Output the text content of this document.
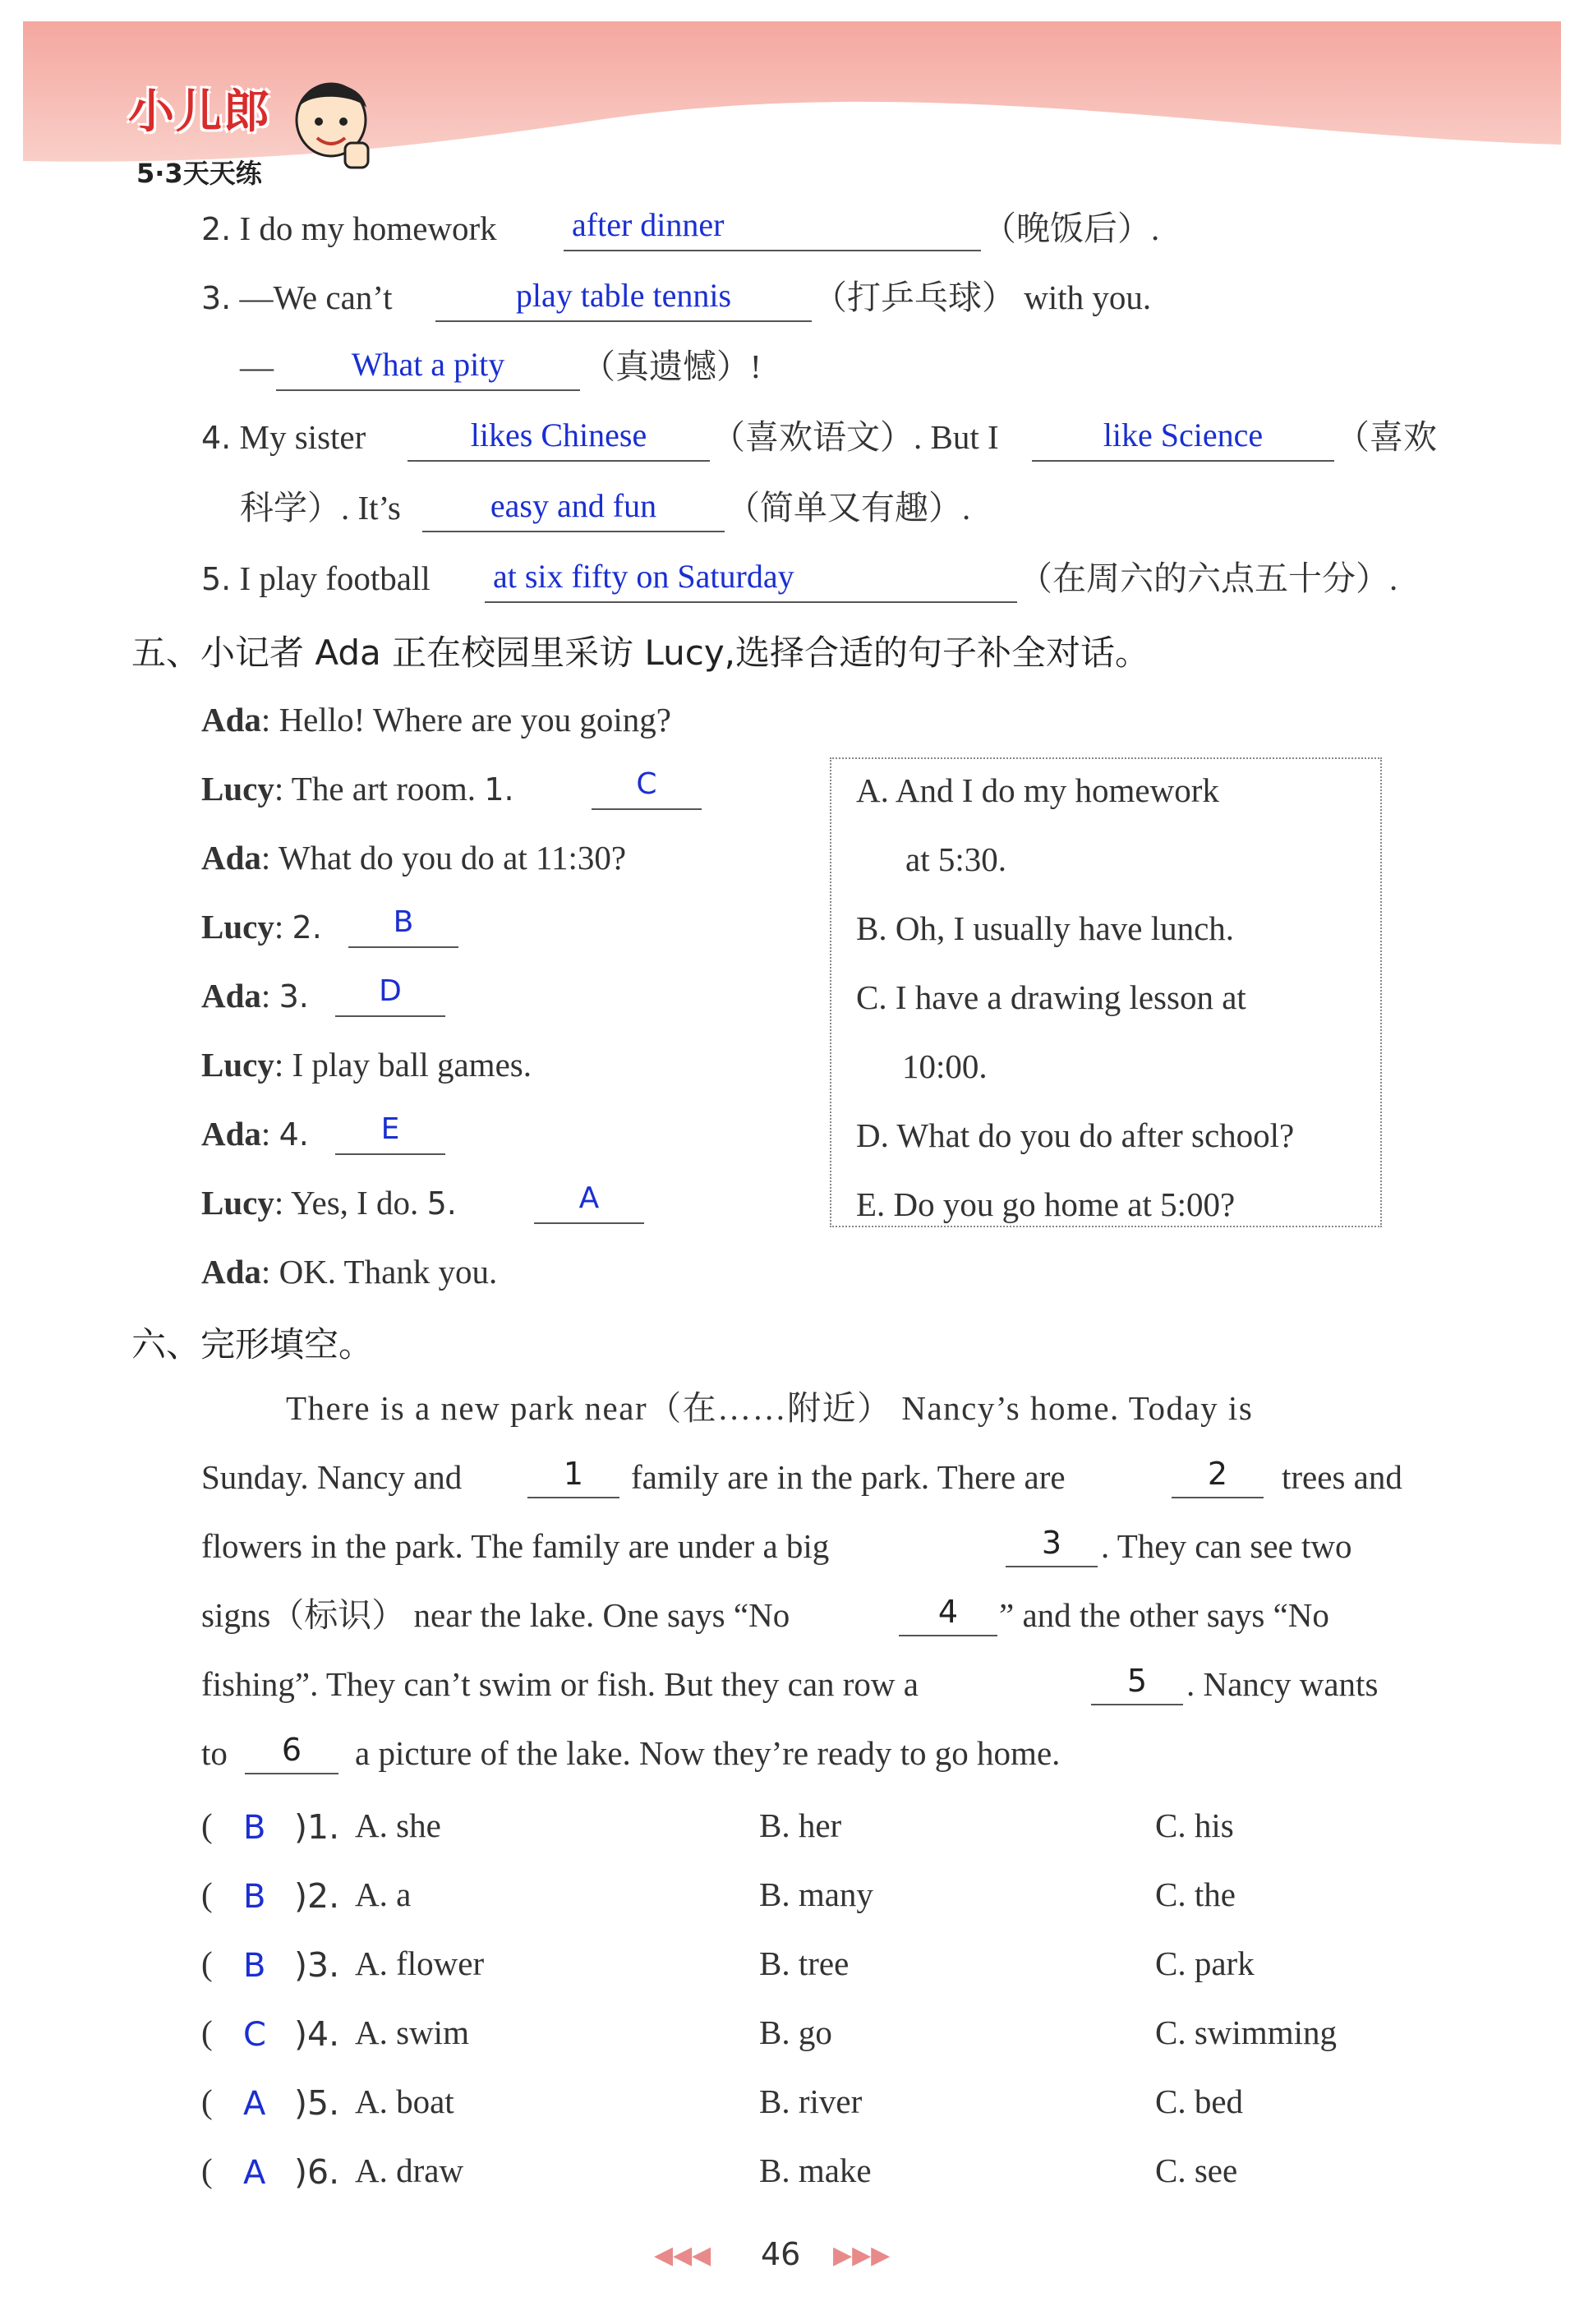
小儿郎
5·3天天练
2. I do my homework after dinner	（晚饭后）.
3. —We can’t	play table tennis	（打乒乓球） with you.
—	What a pity	（真遗憾）!
4. My sister	likes Chinese	（喜欢语文）. But I	like Science	（喜欢
科学）. It’s	easy and fun	（简单又有趣）.
5. I play football at six fifty on Saturday	（在周六的六点五十分）.
五、小记者 Ada 正在校园里采访 Lucy,选择合适的句子补全对话。
Ada: Hello! Where are you going?
Lucy: The art room. 1.	C
Ada: What do you do at 11:30?
Lucy: 2.	B
Ada: 3.	D
Lucy: I play ball games.
Ada: 4.	E
Lucy: Yes, I do. 5.	A
Ada: OK. Thank you.
A. And I do my homework
at 5:30.
B. Oh, I usually have lunch.
C. I have a drawing lesson at
10:00.
D. What do you do after school?
E. Do you go home at 5:00?
六、完形填空。
There is a new park near（在……附近） Nancy’s home. Today is
Sunday. Nancy and	1	family are in the park. There are	2	trees and
flowers in the park. The family are under a big	3	. They can see two
signs（标识） near the lake. One says “No	4	” and the other says “No
fishing”. They can’t swim or fish. But they can row a	5	. Nancy wants
to	6	a picture of the lake. Now they’re ready to go home.
( B )1. A. she	B. her	C. his
( B )2. A. a	B. many	C. the
( B )3. A. flower	B. tree	C. park
( C )4. A. swim	B. go	C. swimming
( A )5. A. boat	B. river	C. bed
( A )6. A. draw	B. make	C. see
◀◀◀ 46 ▶▶▶
